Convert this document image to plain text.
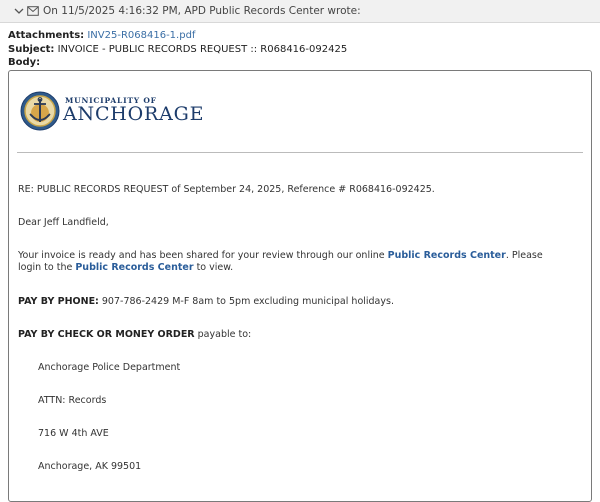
On 11/5/2025 4:16:32 PM, APD Public Records Center wrote:
Attachments: INV25-R068416-1.pdf
Subject: INVOICE - PUBLIC RECORDS REQUEST :: R068416-092425
Body:
MUNICIPALITY OF
ANCHORAGE

RE: PUBLIC RECORDS REQUEST of September 24, 2025, Reference # R068416-092425.

Dear Jeff Landfield,

Your invoice is ready and has been shared for your review through our online Public Records Center. Please login to the Public Records Center to view.

PAY BY PHONE: 907-786-2429 M-F 8am to 5pm excluding municipal holidays.

PAY BY CHECK OR MONEY ORDER payable to:

Anchorage Police Department

ATTN: Records

716 W 4th AVE

Anchorage, AK 99501
